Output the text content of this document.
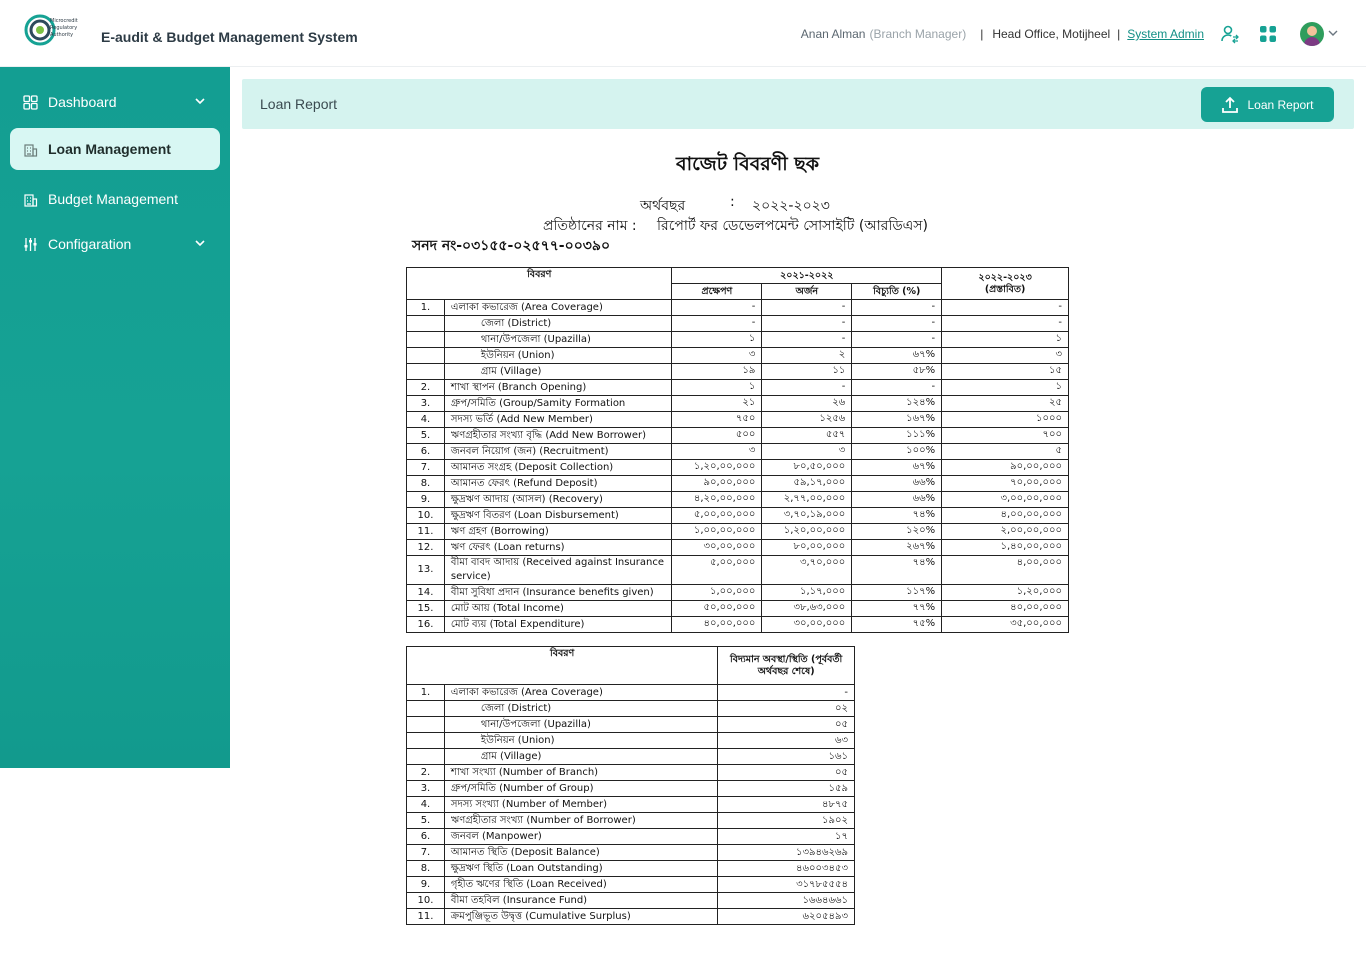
Microcredit
Regulatory
Authority E-audit & Budget Management System	Anan Alman (Branch Manager) | Head Office, Motijheel | System Admin
Dashboard
Loan Management
Budget Management
Configaration
Loan Report	Loan Report
বাজেট বিবরণী ছক
অর্থবছর	: ২০২২-২০২৩
প্রতিষ্ঠানের নাম : রিপোর্ট ফর ডেভেলপমেন্ট সোসাইটি (আরডিএস)
সনদ নং-০৩১৫৫-০২৫৭৭-০০৩৯০
বিবরণ		২০২১-২০২২			২০২২-২০২৩
(প্রস্তাবিত)
		প্রক্ষেপণ	অর্জন	বিচ্যুতি (%)	
1.	এলাকা কভারেজ (Area Coverage)	-	-	-	-
	জেলা (District)	-	-	-	-
	থানা/উপজেলা (Upazilla)	১	-	-	১
	ইউনিয়ন (Union)	৩	২	৬৭%	৩
	গ্রাম (Village)	১৯	১১	৫৮%	১৫
2.	শাখা স্থাপন (Branch Opening)	১	-	-	১
3.	গ্রুপ/সমিতি (Group/Samity Formation	২১	২৬	১২৪%	২৫
4.	সদস্য ভর্তি (Add New Member)	৭৫০	১২৫৬	১৬৭%	১০০০
5.	ঋণগ্রহীতার সংখ্যা বৃদ্ধি (Add New Borrower)	৫০০	৫৫৭	১১১%	৭০০
6.	জনবল নিয়োগ (জন) (Recruitment)	৩	৩	১০০%	৫
7.	আমানত সংগ্রহ (Deposit Collection)	১,২০,০০,০০০	৮০,৫০,০০০	৬৭%	৯০,০০,০০০
8.	আমানত ফেরৎ (Refund Deposit)	৯০,০০,০০০	৫৯,১৭,০০০	৬৬%	৭০,০০,০০০
9.	ক্ষুদ্রঋণ আদায় (আসল) (Recovery)	৪,২০,০০,০০০	২,৭৭,০০,০০০	৬৬%	৩,০০,০০,০০০
10.	ক্ষুদ্রঋণ বিতরণ (Loan Disbursement)	৫,০০,০০,০০০	৩,৭০,১৯,০০০	৭৪%	৪,০০,০০,০০০
11.	ঋণ গ্রহণ (Borrowing)	১,০০,০০,০০০	১,২০,০০,০০০	১২০%	২,০০,০০,০০০
12.	ঋণ ফেরৎ (Loan returns)	৩০,০০,০০০	৮০,০০,০০০	২৬৭%	১,৪০,০০,০০০
13.	বীমা বাবদ আদায় (Received against Insurance service)	৫,০০,০০০	৩,৭০,০০০	৭৪%	৪,০০,০০০
14.	বীমা সুবিধা প্রদান (Insurance benefits given)	১,০০,০০০	১,১৭,০০০	১১৭%	১,২০,০০০
15.	মোট আয় (Total Income)	৫০,০০,০০০	৩৮,৬৩,০০০	৭৭%	৪০,০০,০০০
16.	মোট ব্যয় (Total Expenditure)	৪০,০০,০০০	৩০,০০,০০০	৭৫%	৩৫,০০,০০০
বিবরণ		বিদ্যমান অবস্থা/স্থিতি (পূর্ববর্তী অর্থবছর শেষে)
1.	এলাকা কভারেজ (Area Coverage)	-
	জেলা (District)	০২
	থানা/উপজেলা (Upazilla)	০৫
	ইউনিয়ন (Union)	৬৩
	গ্রাম (Village)	১৬১
2.	শাখা সংখ্যা (Number of Branch)	০৫
3.	গ্রুপ/সমিতি (Number of Group)	১৫৯
4.	সদস্য সংখ্যা (Number of Member)	৪৮৭৫
5.	ঋণগ্রহীতার সংখ্যা (Number of Borrower)	১৯০২
6.	জনবল (Manpower)	১৭
7.	আমানত স্থিতি (Deposit Balance)	১৩৯৪৬২৬৯
8.	ক্ষুদ্রঋণ স্থিতি (Loan Outstanding)	৪৬০০৩৪৫৩
9.	গৃহীত ঋণের স্থিতি (Loan Received)	৩১৭৮৫৫৫৪
10.	বীমা তহবিল (Insurance Fund)	১৬৬৪৬৬১
11.	ক্রমপুঞ্জিভূত উদ্বৃত্ত (Cumulative Surplus)	৬২০৫৪৯৩
